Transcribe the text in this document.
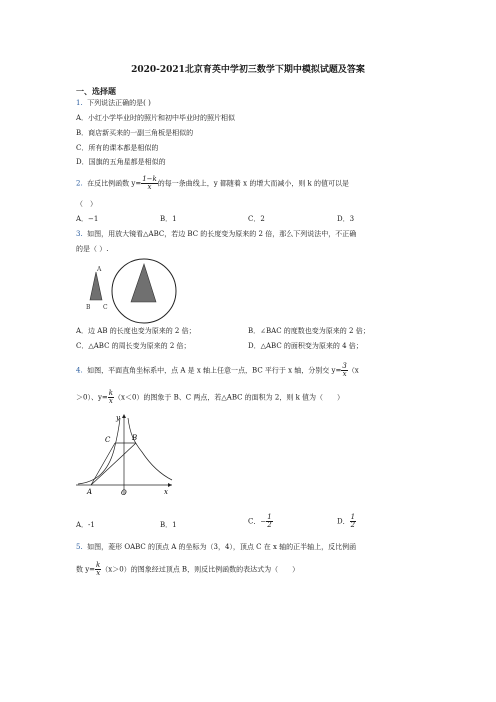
2020-2021北京育英中学初三数学下期中模拟试题及答案
一、选择题
1. 下列说法正确的是( )
A．小红小学毕业时的照片和初中毕业时的照片相似
B．商店新买来的一副三角板是相似的
C．所有的课本都是相似的
D．国旗的五角星都是相似的
2. 在反比例函数 $y= \frac{1-k}{x}$ 的每一条曲线上，y 都随着 x 的增大而减小，则 k 的值可以是
（　）
A．−1	B．1	C．2	D．3
3. 如图，用放大镜看△ABC，若边 BC 的长度变为原来的 2 倍，那么下列说法中，不正确
的是（ ）.
A
B C
A．边 AB 的长度也变为原来的 2 倍；	B．∠BAC 的度数也变为原来的 2 倍；
C．△ABC 的周长变为原来的 2 倍；	D．△ABC 的面积变为原来的 4 倍；
4. 如图，平面直角坐标系中，点 A 是 x 轴上任意一点，BC 平行于 x 轴，分别交 $y= \frac{3}{x} (x$
＞0）、$y= \frac{k}{x} (x<0)$的图象于 B、C 两点，若△ABC 的面积为 2，则 k 值为（　　）
y
x
O
A
B
C
A．-1	B．1	C．− $\frac{1}{2}$	D． $\frac{1}{2}$
5. 如图，菱形 OABC 的顶点 A 的坐标为（3，4），顶点 C 在 x 轴的正半轴上，反比例函
数 $y= \frac{k}{x} (x>0)$的图象经过顶点 B，则反比例函数的表达式为（　　）
